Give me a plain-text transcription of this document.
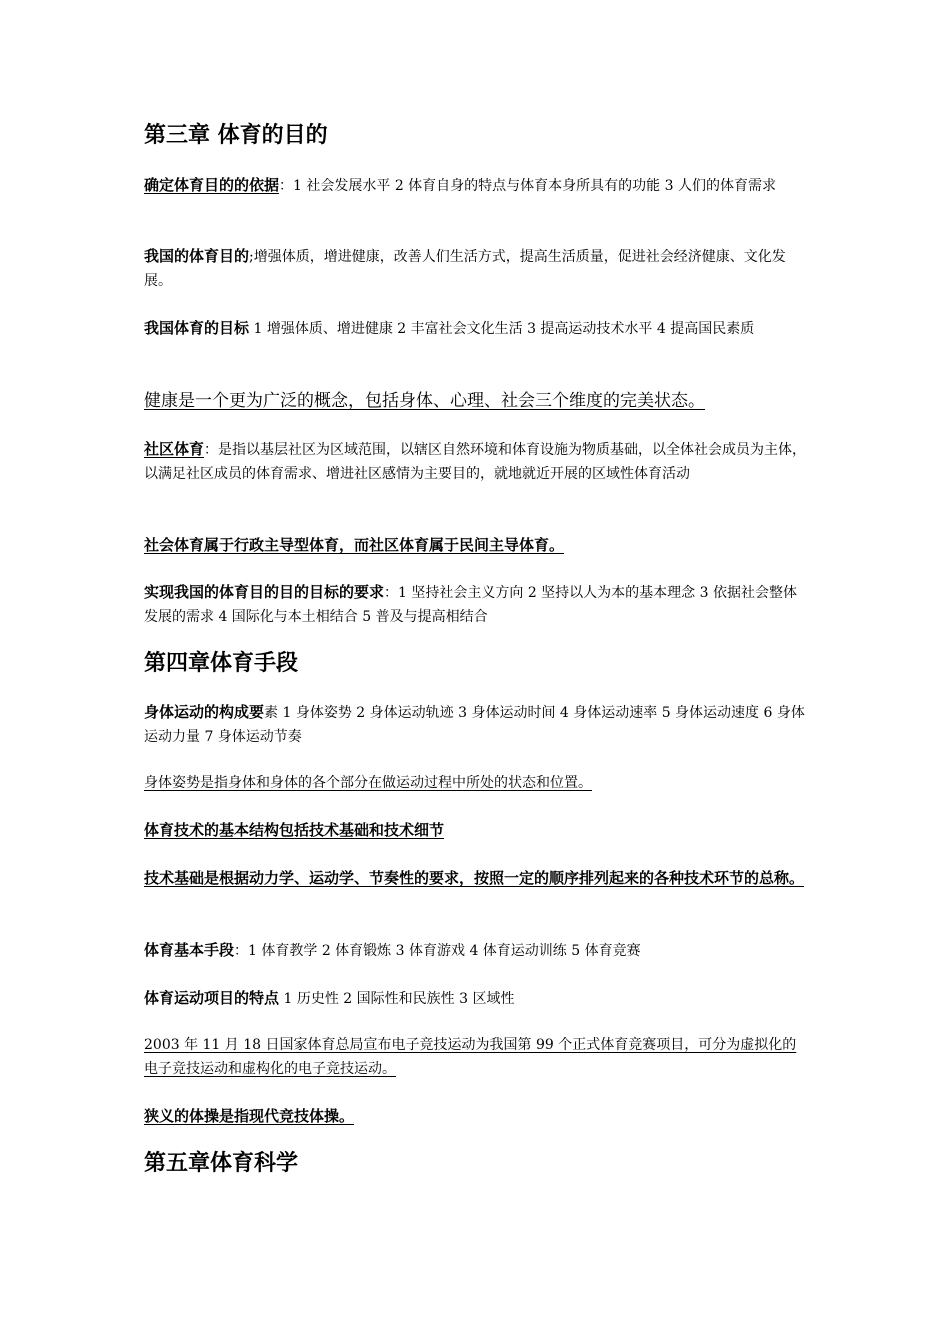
第三章 体育的目的

确定体育目的的依据：1 社会发展水平 2 体育自身的特点与体育本身所具有的功能 3 人们的体育需求

我国的体育目的;增强体质，增进健康，改善人们生活方式，提高生活质量，促进社会经济健康、文化发展。

我国体育的目标 1 增强体质、增进健康 2 丰富社会文化生活 3 提高运动技术水平 4 提高国民素质

健康是一个更为广泛的概念，包括身体、心理、社会三个维度的完美状态。

社区体育：是指以基层社区为区域范围，以辖区自然环境和体育设施为物质基础，以全体社会成员为主体，以满足社区成员的体育需求、增进社区感情为主要目的，就地就近开展的区域性体育活动

社会体育属于行政主导型体育，而社区体育属于民间主导体育。

实现我国的体育目的目的目标的要求：1 坚持社会主义方向 2 坚持以人为本的基本理念 3 依据社会整体发展的需求 4 国际化与本土相结合 5 普及与提高相结合

第四章体育手段

身体运动的构成要素 1 身体姿势 2 身体运动轨迹 3 身体运动时间 4 身体运动速率 5 身体运动速度 6 身体运动力量 7 身体运动节奏

身体姿势是指身体和身体的各个部分在做运动过程中所处的状态和位置。

体育技术的基本结构包括技术基础和技术细节

技术基础是根据动力学、运动学、节奏性的要求，按照一定的顺序排列起来的各种技术环节的总称。

体育基本手段：1 体育教学 2 体育锻炼 3 体育游戏 4 体育运动训练 5 体育竞赛

体育运动项目的特点 1 历史性 2 国际性和民族性 3 区域性

2003 年 11 月 18 日国家体育总局宣布电子竞技运动为我国第 99 个正式体育竞赛项目，可分为虚拟化的电子竞技运动和虚构化的电子竞技运动。

狭义的体操是指现代竞技体操。

第五章体育科学
